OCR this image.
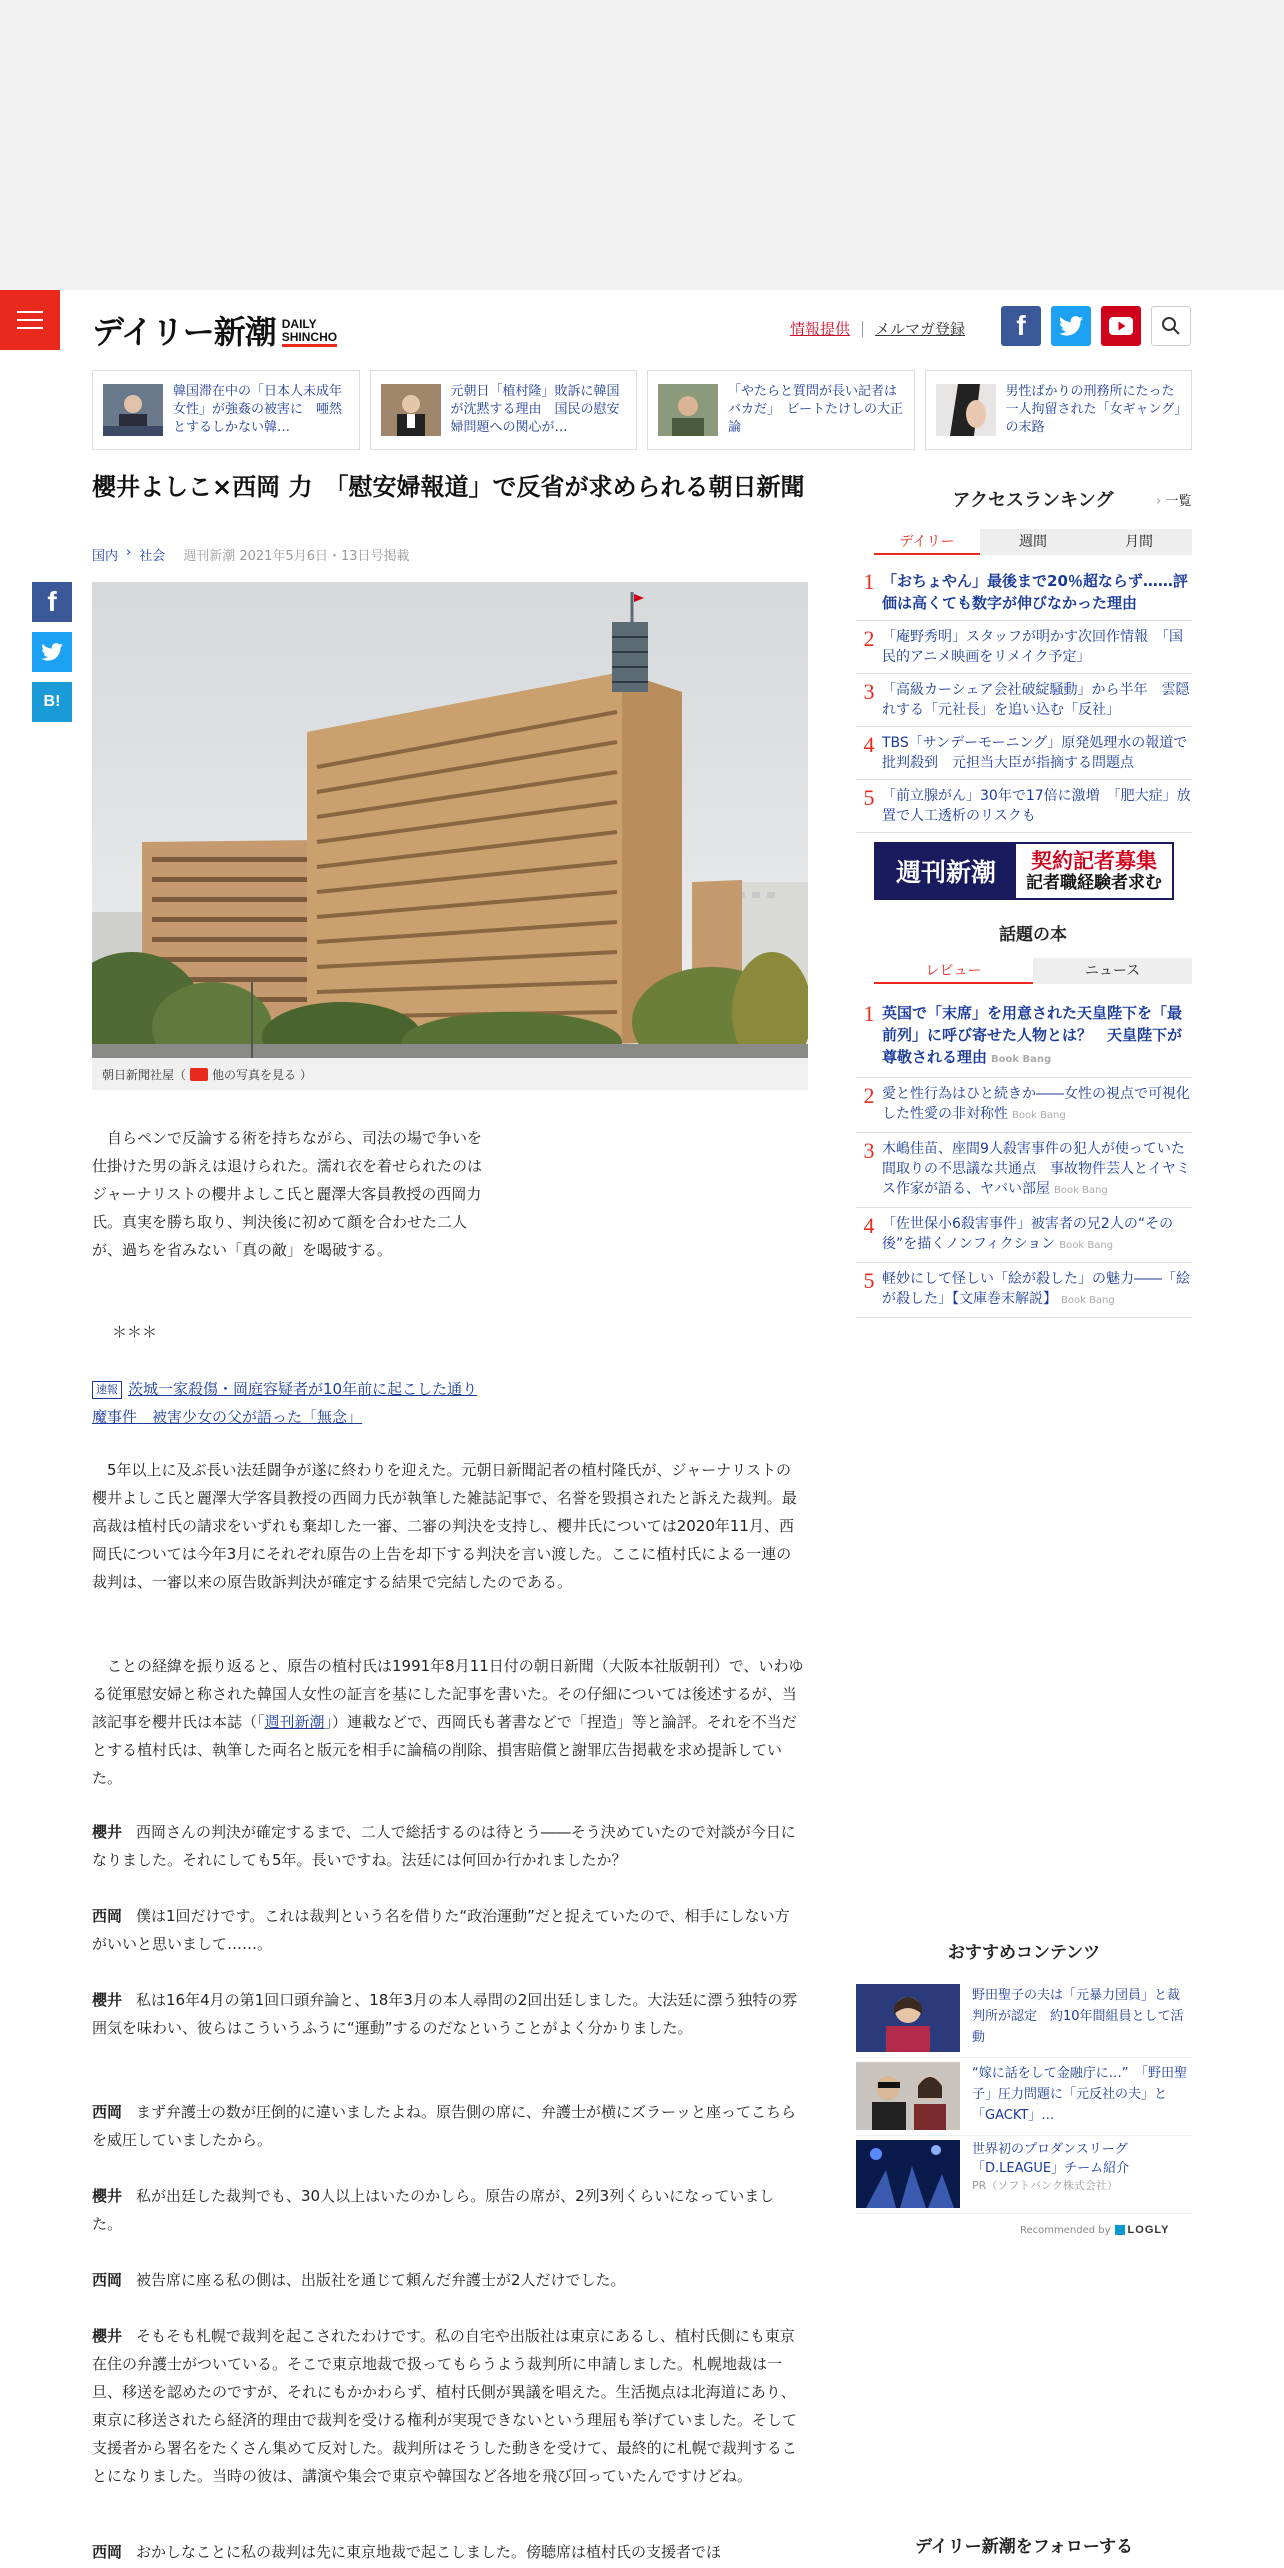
デイリー新潮 DAILY
SHINCHO	情報提供 メルマガ登録	f
韓国滞在中の「日本人未成年女性」が強姦の被害に　唖然とするしかない韓…
元朝日「植村隆」敗訴に韓国が沈黙する理由　国民の慰安婦問題への関心が…
「やたらと質問が長い記者はバカだ」　ビートたけしの大正論
男性ばかりの刑務所にたった一人拘留された「女ギャング」の末路
櫻井よしこ×西岡 力　「慰安婦報道」で反省が求められる朝日新聞
国内 › 社会 週刊新潮 2021年5月6日・13日号掲載
f
B!
朝日新聞社屋（ 他の写真を見る ）

　自らペンで反論する術を持ちながら、司法の場で争いを仕掛けた男の訴えは退けられた。濡れ衣を着せられたのはジャーナリストの櫻井よしこ氏と麗澤大客員教授の西岡力氏。真実を勝ち取り、判決後に初めて顔を合わせた二人が、過ちを省みない「真の敵」を喝破する。

＊＊＊

速報 茨城一家殺傷・岡庭容疑者が10年前に起こした通り魔事件　被害少女の父が語った「無念」

　5年以上に及ぶ長い法廷闘争が遂に終わりを迎えた。元朝日新聞記者の植村隆氏が、ジャーナリストの櫻井よしこ氏と麗澤大学客員教授の西岡力氏が執筆した雑誌記事で、名誉を毀損されたと訴えた裁判。最高裁は植村氏の請求をいずれも棄却した一審、二審の判決を支持し、櫻井氏については2020年11月、西岡氏については今年3月にそれぞれ原告の上告を却下する判決を言い渡した。ここに植村氏による一連の裁判は、一審以来の原告敗訴判決が確定する結果で完結したのである。

　ことの経緯を振り返ると、原告の植村氏は1991年8月11日付の朝日新聞（大阪本社版朝刊）で、いわゆる従軍慰安婦と称された韓国人女性の証言を基にした記事を書いた。その仔細については後述するが、当該記事を櫻井氏は本誌（「週刊新潮」）連載などで、西岡氏も著書などで「捏造」等と論評。それを不当だとする植村氏は、執筆した両名と版元を相手に論稿の削除、損害賠償と謝罪広告掲載を求め提訴していた。

櫻井 西岡さんの判決が確定するまで、二人で総括するのは待とう――そう決めていたので対談が今日になりました。それにしても5年。長いですね。法廷には何回か行かれましたか？

西岡 僕は1回だけです。これは裁判という名を借りた“政治運動”だと捉えていたので、相手にしない方がいいと思いまして……。

櫻井 私は16年4月の第1回口頭弁論と、18年3月の本人尋問の2回出廷しました。大法廷に漂う独特の雰囲気を味わい、彼らはこういうふうに“運動”するのだなということがよく分かりました。

西岡 まず弁護士の数が圧倒的に違いましたよね。原告側の席に、弁護士が横にズラーッと座ってこちらを威圧していましたから。

櫻井 私が出廷した裁判でも、30人以上はいたのかしら。原告の席が、2列3列くらいになっていました。

西岡 被告席に座る私の側は、出版社を通じて頼んだ弁護士が2人だけでした。

櫻井 そもそも札幌で裁判を起こされたわけです。私の自宅や出版社は東京にあるし、植村氏側にも東京在住の弁護士がついている。そこで東京地裁で扱ってもらうよう裁判所に申請しました。札幌地裁は一旦、移送を認めたのですが、それにもかかわらず、植村氏側が異議を唱えた。生活拠点は北海道にあり、東京に移送されたら経済的理由で裁判を受ける権利が実現できないという理屈も挙げていました。そして支援者から署名をたくさん集めて反対した。裁判所はそうした動きを受けて、最終的に札幌で裁判することになりました。当時の彼は、講演や集会で東京や韓国など各地を飛び回っていたんですけどね。

西岡 おかしなことに私の裁判は先に東京地裁で起こしました。傍聴席は植村氏の支援者でほ

アクセスランキング	› 一覧
デイリー	週間	月間
1 「おちょやん」最後まで20％超ならず……評価は高くても数字が伸びなかった理由
2 「庵野秀明」スタッフが明かす次回作情報　「国民的アニメ映画をリメイク予定」
3 「高級カーシェア会社破綻騒動」から半年　雲隠れする「元社長」を追い込む「反社」
4 TBS「サンデーモーニング」原発処理水の報道で批判殺到　元担当大臣が指摘する問題点
5 「前立腺がん」30年で17倍に激増　「肥大症」放置で人工透析のリスクも
週刊新潮	契約記者募集
記者職経験者求む
話題の本
レビュー	ニュース
1 英国で「末席」を用意された天皇陛下を「最前列」に呼び寄せた人物とは？　天皇陛下が尊敬される理由 Book Bang
2 愛と性行為はひと続きか――女性の視点で可視化した性愛の非対称性 Book Bang
3 木嶋佳苗、座間9人殺害事件の犯人が使っていた間取りの不思議な共通点　事故物件芸人とイヤミス作家が語る、ヤバい部屋 Book Bang
4 「佐世保小6殺害事件」被害者の兄2人の“その後”を描くノンフィクション Book Bang
5 軽妙にして怪しい「絵が殺した」の魅力――「絵が殺した」【文庫巻末解説】 Book Bang
おすすめコンテンツ
野田聖子の夫は「元暴力団員」と裁判所が認定　約10年間組員として活動
“嫁に話をして金融庁に…”　「野田聖子」圧力問題に「元反社の夫」と「GACKT」…
世界初のプロダンスリーグ「D.LEAGUE」チーム紹介
PR（ソフトバンク株式会社）
Recommended by	LOGLY
デイリー新潮をフォローする
